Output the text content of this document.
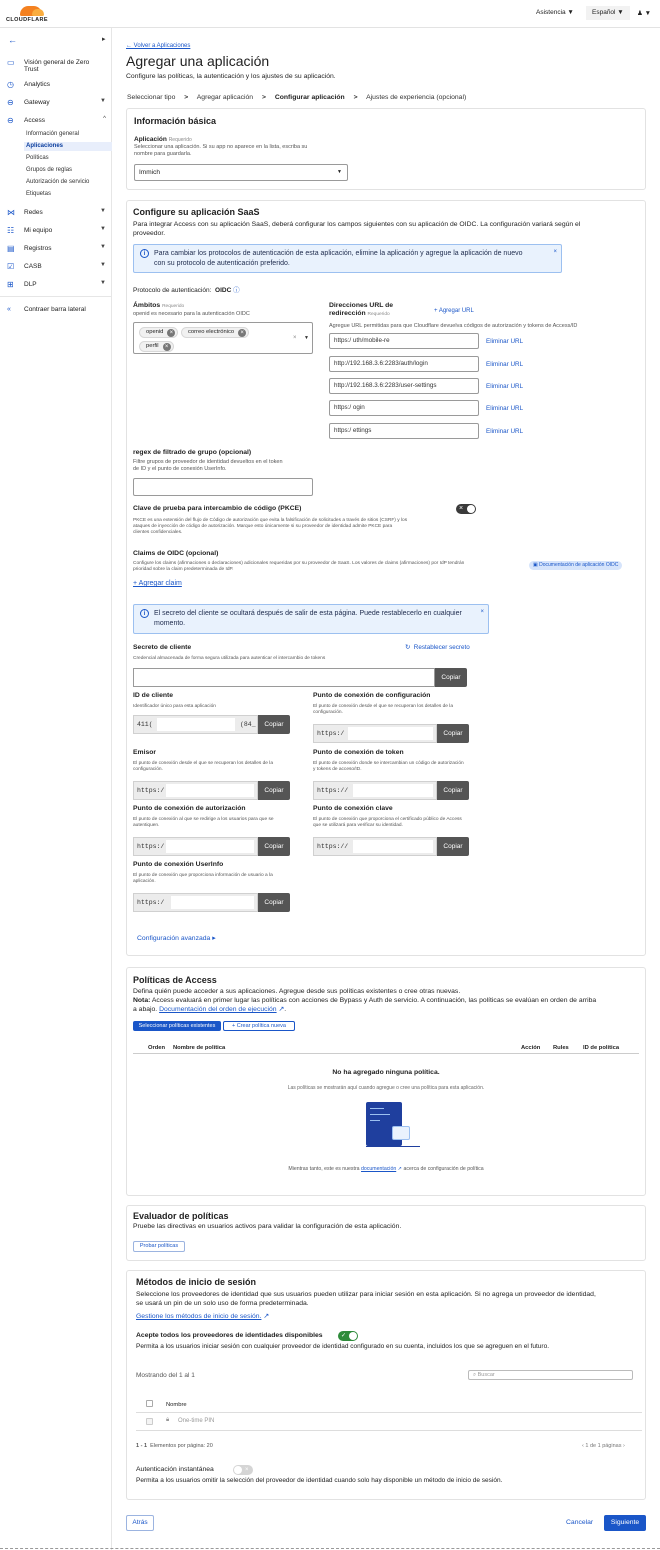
CLOUDFLARE
Asistencia ▼	Español ▼	♟ ▼
←	▸
▭	Visión general de Zero Trust
◷	Analytics
⊖	Gateway	▼
⊖	Access	^
Información general
Aplicaciones
Políticas
Grupos de reglas
Autorización de servicio
Etiquetas
⋈	Redes	▼
☷	Mi equipo	▼
▤	Registros	▼
☑	CASB	▼
⊞	DLP	▼
«	Contraer barra lateral
← Volver a Aplicaciones
Agregar una aplicación
Configure las políticas, la autenticación y los ajustes de su aplicación.
Seleccionar tipo > Agregar aplicación > Configurar aplicación > Ajustes de experiencia (opcional)
Información básica
Aplicación Requerido
Seleccionar una aplicación. Si su app no aparece en la lista, escriba su
nombre para guardarla.
Immich	▼
Configure su aplicación SaaS
Para integrar Access con su aplicación SaaS, deberá configurar los campos siguientes con su aplicación de OIDC. La configuración variará según el
proveedor.
i	Para cambiar los protocolos de autenticación de esta aplicación, elimine la aplicación y agregue la aplicación de nuevo
con su protocolo de autenticación preferido.
×
Protocolo de autenticación: OIDC ⓘ
Ámbitos Requerido
openid es necesario para la autenticación OIDC
openid	×	correo electrónico	×
perfil	×
× ▼
Direcciones URL de
redirección Requerido
+ Agregar URL
Agregue URL permitidas para que Cloudflare devuelva códigos de autorización y tokens de Access/ID
https:/ uth/mobile-re	Eliminar URL
http://192.168.3.6:2283/auth/login	Eliminar URL
http://192.168.3.6:2283/user-settings	Eliminar URL
https:/ ogin	Eliminar URL
https:/ ettings	Eliminar URL
regex de filtrado de grupo (opcional)
Filtre grupos de proveedor de identidad devueltos en el token
de ID y el punto de conexión UserInfo.
Clave de prueba para intercambio de código (PKCE)	×
PKCE es una extensión del flujo de Código de autorización que evita la falsificación de solicitudes a través de sitios (CSRF) y los
ataques de inyección de código de autorización. Marque esto únicamente si su proveedor de identidad admite PKCE para
clientes confidenciales.
Claims de OIDC (opcional)
Configure los claims (afirmaciones o declaraciones) adicionales requeridas por su proveedor de SaaS. Los valores de claims (afirmaciones) por IdP tendrán
prioridad sobre la claim predeterminada de IdP.
▣ Documentación de aplicación OIDC
+ Agregar claim
i	El secreto del cliente se ocultará después de salir de esta página. Puede restablecerlo en cualquier
momento.
×
Secreto de cliente	↻ Restablecer secreto
Credencial almacenada de forma segura utilizada para autenticar el intercambio de tokens
Copiar
ID de cliente
Identificador único para esta aplicación
411(	(84_	Copiar
Emisor
El punto de conexión desde el que se recuperan los detalles de la
configuración.
https:/	Copiar
Punto de conexión de autorización
El punto de conexión al que se redirige a los usuarios para que se
autentiquen.
https:/	Copiar
Punto de conexión UserInfo
El punto de conexión que proporciona información de usuario a la
aplicación.
https:/	Copiar
Punto de conexión de configuración
El punto de conexión desde el que se recuperan los detalles de la
configuración.
https:/	Copiar
Punto de conexión de token
El punto de conexión donde se intercambian un código de autorización
y tokens de acceso/ID.
https://	Copiar
Punto de conexión clave
El punto de conexión que proporciona el certificado público de Access
que se utilizará para verificar su identidad.
https://	Copiar
Configuración avanzada ▸
Políticas de Access
Defina quién puede acceder a sus aplicaciones. Agregue desde sus políticas existentes o cree otras nuevas.
Nota: Access evaluará en primer lugar las políticas con acciones de Bypass y Auth de servicio. A continuación, las políticas se evalúan en orden de arriba
a abajo. Documentación del orden de ejecución ↗.
Seleccionar políticas existentes	+ Crear política nueva
Orden Nombre de política	Acción Rules ID de política
No ha agregado ninguna política.
Las políticas se mostrarán aquí cuando agregue o cree una política para esta aplicación.
Mientras tanto, este es nuestra documentación ↗ acerca de configuración de política
Evaluador de políticas
Pruebe las directivas en usuarios activos para validar la configuración de esta aplicación.
Probar políticas
Métodos de inicio de sesión
Seleccione los proveedores de identidad que sus usuarios pueden utilizar para iniciar sesión en esta aplicación. Si no agrega un proveedor de identidad,
se usará un pin de un solo uso de forma predeterminada.
Gestione los métodos de inicio de sesión. ↗
Acepte todos los proveedores de identidades disponibles	✓
Permita a los usuarios iniciar sesión con cualquier proveedor de identidad configurado en su cuenta, incluidos los que se agreguen en el futuro.
Mostrando del 1 al 1	⌕ Buscar
Nombre
🔒︎ One-time PIN
1 - 1 Elementos por página: 20	‹ 1 de 1 páginas ›
Autenticación instantánea	×
Permita a los usuarios omitir la selección del proveedor de identidad cuando solo hay disponible un método de inicio de sesión.
Atrás	Cancelar	Siguiente
